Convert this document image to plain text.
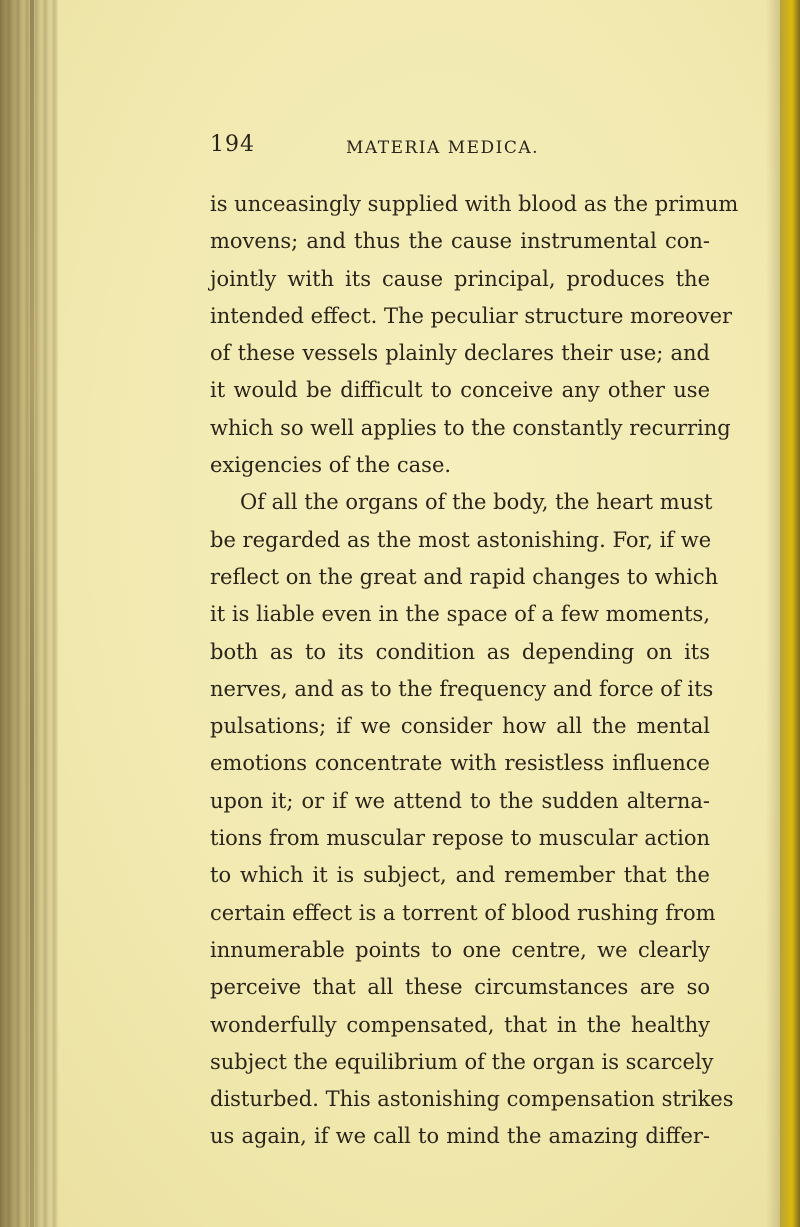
194	MATERIA MEDICA.
is unceasingly supplied with blood as the primum
movens; and thus the cause instrumental con-
jointly with its cause principal, produces the
intended effect. The peculiar structure moreover
of these vessels plainly declares their use; and
it would be difficult to conceive any other use
which so well applies to the constantly recurring
exigencies of the case.
Of all the organs of the body, the heart must
be regarded as the most astonishing. For, if we
reflect on the great and rapid changes to which
it is liable even in the space of a few moments,
both as to its condition as depending on its
nerves, and as to the frequency and force of its
pulsations; if we consider how all the mental
emotions concentrate with resistless influence
upon it; or if we attend to the sudden alterna-
tions from muscular repose to muscular action
to which it is subject, and remember that the
certain effect is a torrent of blood rushing from
innumerable points to one centre, we clearly
perceive that all these circumstances are so
wonderfully compensated, that in the healthy
subject the equilibrium of the organ is scarcely
disturbed. This astonishing compensation strikes
us again, if we call to mind the amazing differ-
